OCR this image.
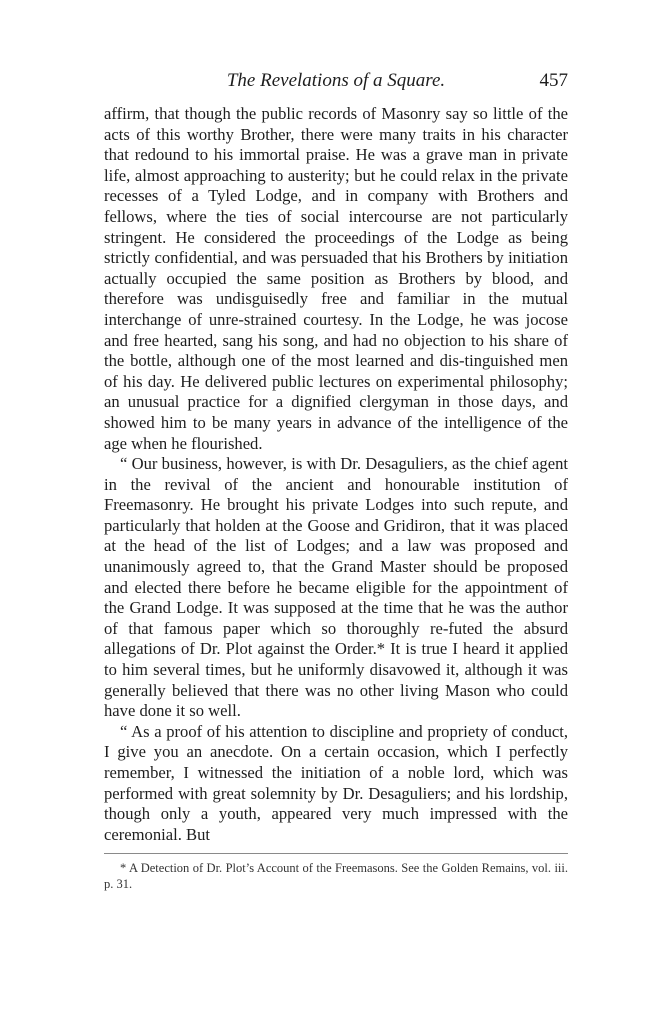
The Revelations of a Square.	457

affirm, that though the public records of Masonry say so little of the acts of this worthy Brother, there were many traits in his character that redound to his immortal praise. He was a grave man in private life, almost approaching to austerity; but he could relax in the private recesses of a Tyled Lodge, and in company with Brothers and fellows, where the ties of social intercourse are not particularly stringent. He considered the proceedings of the Lodge as being strictly confidential, and was persuaded that his Brothers by initiation actually occupied the same position as Brothers by blood, and therefore was undisguisedly free and familiar in the mutual interchange of unre-strained courtesy. In the Lodge, he was jocose and free hearted, sang his song, and had no objection to his share of the bottle, although one of the most learned and dis-tinguished men of his day. He delivered public lectures on experimental philosophy; an unusual practice for a dignified clergyman in those days, and showed him to be many years in advance of the intelligence of the age when he flourished.

“ Our business, however, is with Dr. Desaguliers, as the chief agent in the revival of the ancient and honourable institution of Freemasonry. He brought his private Lodges into such repute, and particularly that holden at the Goose and Gridiron, that it was placed at the head of the list of Lodges; and a law was proposed and unanimously agreed to, that the Grand Master should be proposed and elected there before he became eligible for the appointment of the Grand Lodge. It was supposed at the time that he was the author of that famous paper which so thoroughly re-futed the absurd allegations of Dr. Plot against the Order.* It is true I heard it applied to him several times, but he uniformly disavowed it, although it was generally believed that there was no other living Mason who could have done it so well.

“ As a proof of his attention to discipline and propriety of conduct, I give you an anecdote. On a certain occasion, which I perfectly remember, I witnessed the initiation of a noble lord, which was performed with great solemnity by Dr. Desaguliers; and his lordship, though only a youth, appeared very much impressed with the ceremonial. But

* A Detection of Dr. Plot’s Account of the Freemasons. See the Golden Remains, vol. iii. p. 31.
